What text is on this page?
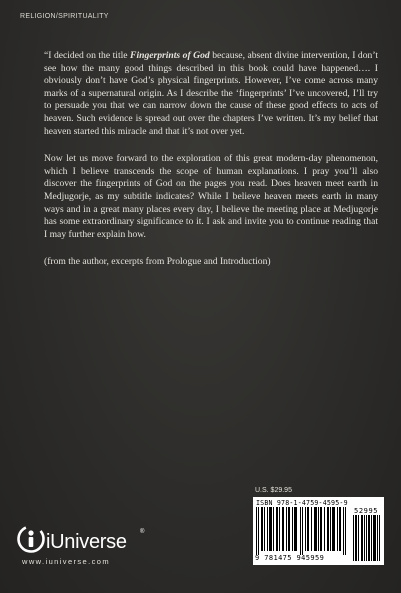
RELIGION/SPIRITUALITY

“I decided on the title Fingerprints of God because, absent divine intervention, I don’t see how the many good things described in this book could have happened…. I obviously don’t have God’s physical fingerprints. However, I’ve come across many marks of a supernatural origin. As I describe the ‘fingerprints’ I’ve uncovered, I’ll try to persuade you that we can narrow down the cause of these good effects to acts of heaven. Such evidence is spread out over the chapters I’ve written. It’s my belief that heaven started this miracle and that it’s not over yet.

Now let us move forward to the exploration of this great modern-day phenomenon, which I believe transcends the scope of human explanations. I pray you’ll also discover the fingerprints of God on the pages you read. Does heaven meet earth in Medjugorje, as my subtitle indicates? While I believe heaven meets earth in many ways and in a great many places every day, I believe the meeting place at Medjugorje has some extraordinary significance to it. I ask and invite you to continue reading that I may further explain how.

(from the author, excerpts from Prologue and Introduction)

U.S. $29.95
ISBN 978-1-4759-4595-9
9 781475 945959
52995
iUniverse ®
www.iuniverse.com
